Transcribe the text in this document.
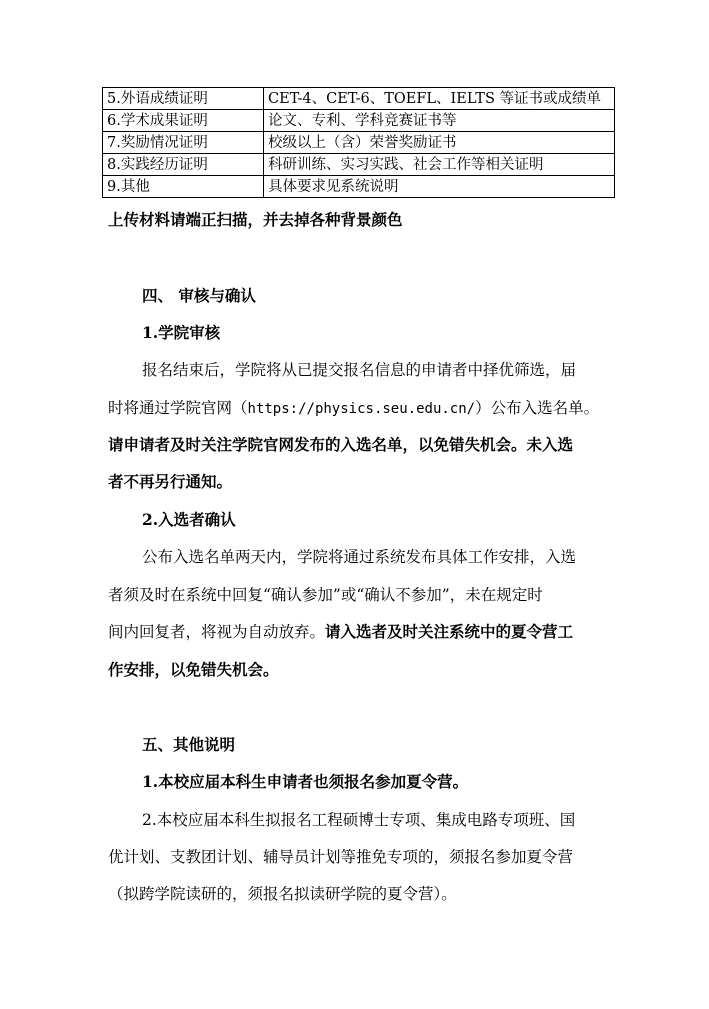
5.外语成绩证明	CET-4、CET-6、TOEFL、IELTS 等证书或成绩单
6.学术成果证明	论文、专利、学科竞赛证书等
7.奖励情况证明	校级以上（含）荣誉奖励证书
8.实践经历证明	科研训练、实习实践、社会工作等相关证明
9.其他	具体要求见系统说明
上传材料请端正扫描，并去掉各种背景颜色
四、 审核与确认
1.学院审核
报名结束后，学院将从已提交报名信息的申请者中择优筛选，届
时将通过学院官网（https://physics.seu.edu.cn/）公布入选名单。
请申请者及时关注学院官网发布的入选名单，以免错失机会。未入选
者不再另行通知。
2.入选者确认
公布入选名单两天内，学院将通过系统发布具体工作安排，入选
者须及时在系统中回复“确认参加”或“确认不参加”，未在规定时
间内回复者，将视为自动放弃。请入选者及时关注系统中的夏令营工
作安排，以免错失机会。
五、其他说明
1.本校应届本科生申请者也须报名参加夏令营。
2.本校应届本科生拟报名工程硕博士专项、集成电路专项班、国
优计划、支教团计划、辅导员计划等推免专项的，须报名参加夏令营
（拟跨学院读研的，须报名拟读研学院的夏令营）。
